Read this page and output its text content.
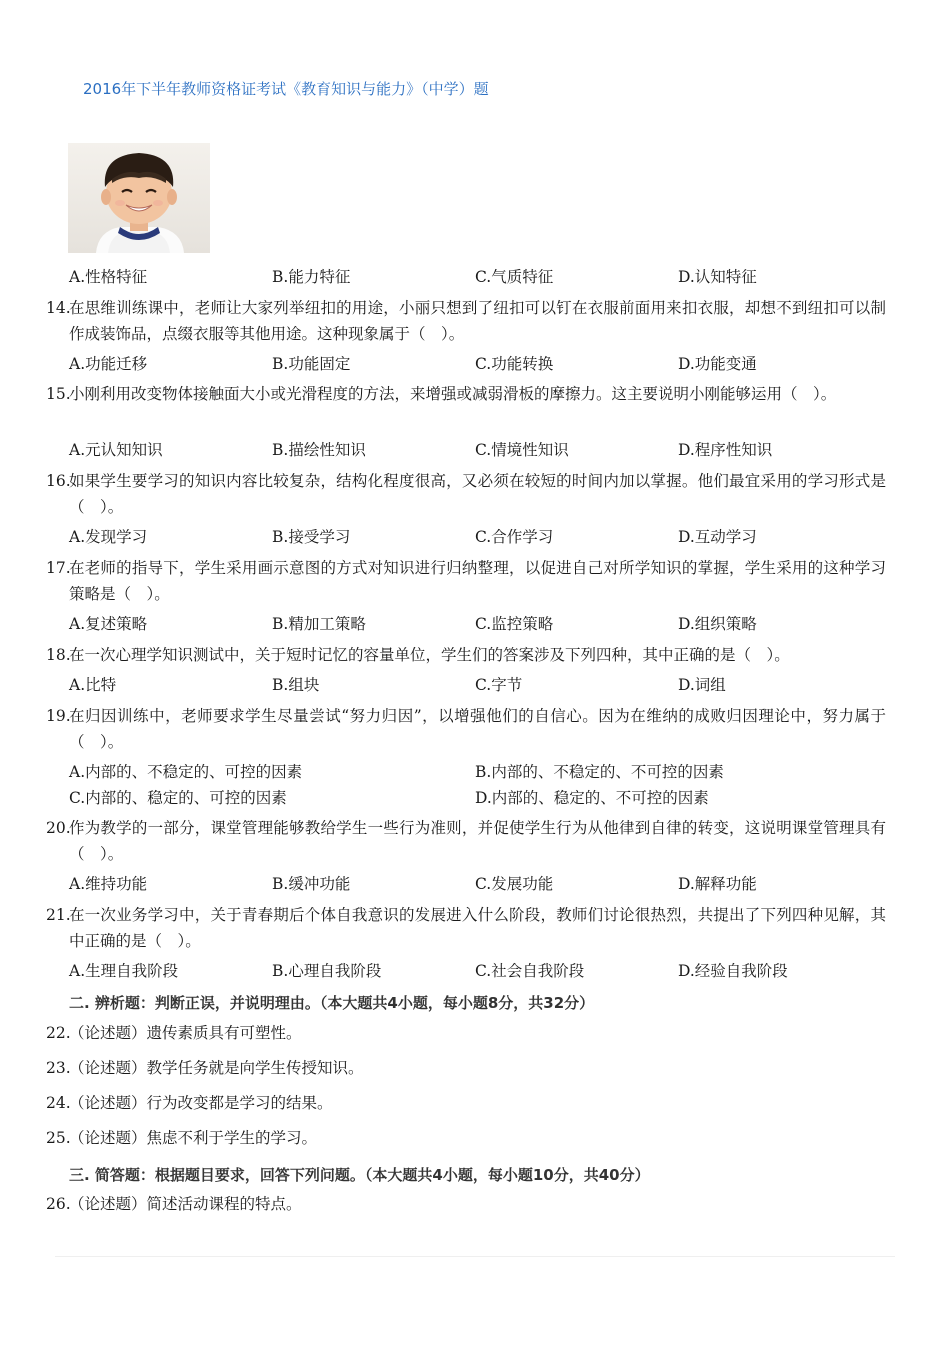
2016年下半年教师资格证考试《教育知识与能力》（中学）题
A.性格特征	B.能力特征	C.气质特征	D.认知特征
14.
在思维训练课中，老师让大家列举纽扣的用途，小丽只想到了纽扣可以钉在衣服前面用来扣衣服，却想不到纽扣可以制作成装饰品，点缀衣服等其他用途。这种现象属于（　）。
A.功能迁移	B.功能固定	C.功能转换	D.功能变通
15.
小刚利用改变物体接触面大小或光滑程度的方法，来增强或减弱滑板的摩擦力。这主要说明小刚能够运用（　）。
A.元认知知识	B.描绘性知识	C.情境性知识	D.程序性知识
16.
如果学生要学习的知识内容比较复杂，结构化程度很高，又必须在较短的时间内加以掌握。他们最宜采用的学习形式是（　）。
A.发现学习	B.接受学习	C.合作学习	D.互动学习
17.
在老师的指导下，学生采用画示意图的方式对知识进行归纳整理，以促进自己对所学知识的掌握，学生采用的这种学习策略是（　）。
A.复述策略	B.精加工策略	C.监控策略	D.组织策略
18.
在一次心理学知识测试中，关于短时记忆的容量单位，学生们的答案涉及下列四种，其中正确的是（　）。
A.比特	B.组块	C.字节	D.词组
19.
在归因训练中，老师要求学生尽量尝试“努力归因”，以增强他们的自信心。因为在维纳的成败归因理论中，努力属于（　）。
A.内部的、不稳定的、可控的因素	B.内部的、不稳定的、不可控的因素
C.内部的、稳定的、可控的因素	D.内部的、稳定的、不可控的因素
20.
作为教学的一部分，课堂管理能够教给学生一些行为准则，并促使学生行为从他律到自律的转变，这说明课堂管理具有（　）。
A.维持功能	B.缓冲功能	C.发展功能	D.解释功能
21.
在一次业务学习中，关于青春期后个体自我意识的发展进入什么阶段，教师们讨论很热烈，共提出了下列四种见解，其中正确的是（　）。
A.生理自我阶段	B.心理自我阶段	C.社会自我阶段	D.经验自我阶段
二. 辨析题：判断正误，并说明理由。（本大题共4小题，每小题8分，共32分）
22.
（论述题）遗传素质具有可塑性。
23.
（论述题）教学任务就是向学生传授知识。
24.
（论述题）行为改变都是学习的结果。
25.
（论述题）焦虑不利于学生的学习。
三. 简答题：根据题目要求，回答下列问题。（本大题共4小题，每小题10分，共40分）
26.
（论述题）简述活动课程的特点。
